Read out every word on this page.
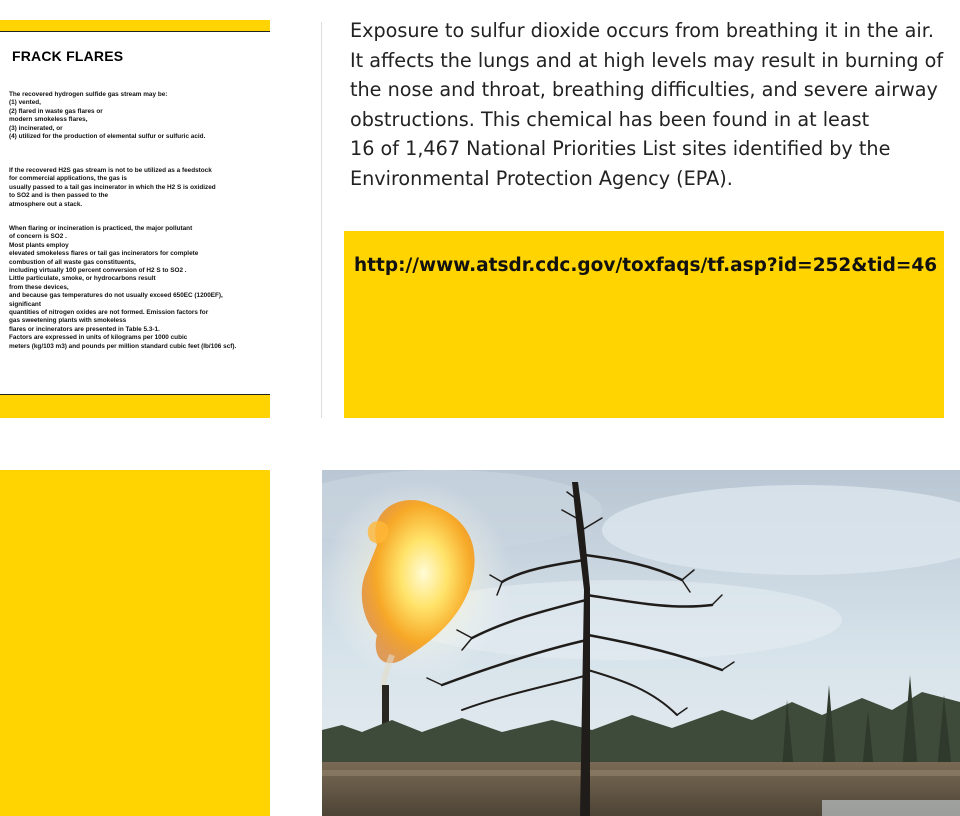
FRACK FLARES
The recovered hydrogen sulfide gas stream may be:
(1) vented,
(2) flared in waste gas flares or
modern smokeless flares,
(3) incinerated, or
(4) utilized for the production of elemental sulfur or sulfuric acid.
If the recovered H2S gas stream is not to be utilized as a feedstock
for commercial applications, the gas is
usually passed to a tail gas incinerator in which the H2 S is oxidized
to SO2 and is then passed to the
atmosphere out a stack.
When flaring or incineration is practiced, the major pollutant
of concern is SO2 .
Most plants employ
elevated smokeless flares or tail gas incinerators for complete
combustion of all waste gas constituents,
including virtually 100 percent conversion of H2 S to SO2 .
Little particulate, smoke, or hydrocarbons result
from these devices,
and because gas temperatures do not usually exceed 650EC (1200EF),
significant
quantities of nitrogen oxides are not formed. Emission factors for
gas sweetening plants with smokeless
flares or incinerators are presented in Table 5.3-1.
Factors are expressed in units of kilograms per 1000 cubic
meters (kg/103 m3) and pounds per million standard cubic feet (lb/106 scf).
Exposure to sulfur dioxide occurs from breathing it in the air.
It affects the lungs and at high levels may result in burning of
the nose and throat, breathing difficulties, and severe airway
obstructions. This chemical has been found in at least
16 of 1,467 National Priorities List sites identified by the
Environmental Protection Agency (EPA).
http://www.atsdr.cdc.gov/toxfaqs/tf.asp?id=252&tid=46
